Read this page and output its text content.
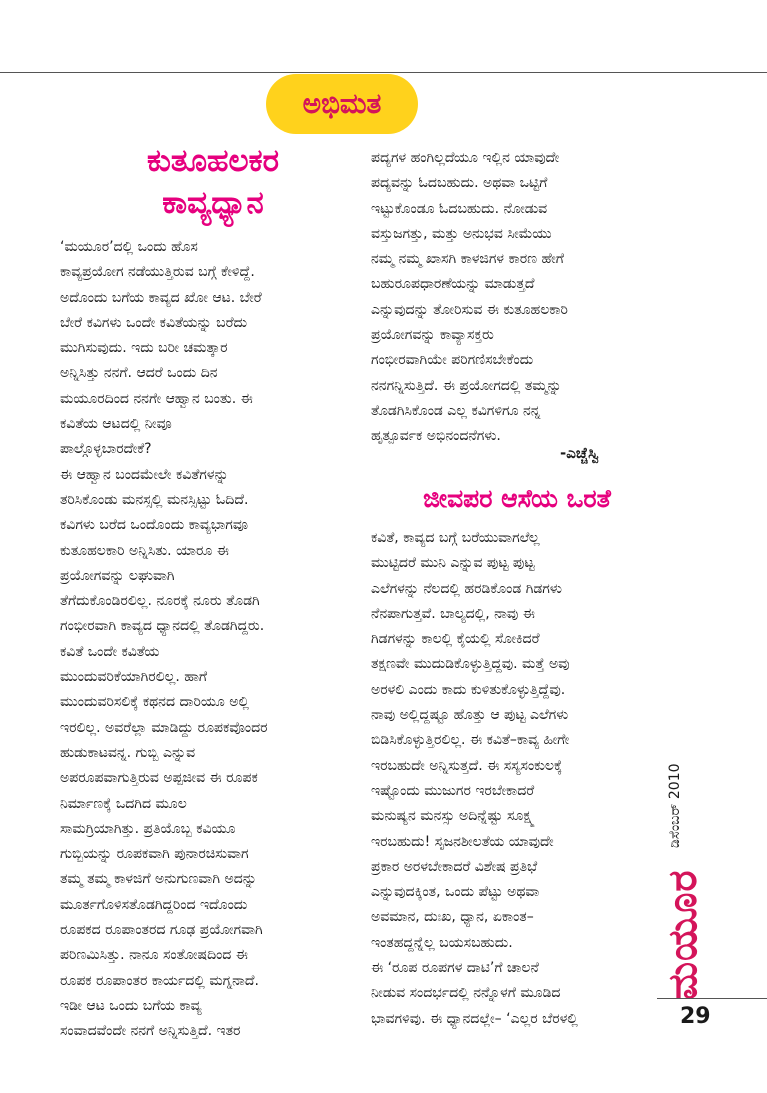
ಅಭಿಮತ
ಕುತೂಹಲಕರ
ಕಾವ್ಯಧ್ಯಾನ
‘ಮಯೂರ’ದಲ್ಲಿ ಒಂದು ಹೊಸ
ಕಾವ್ಯಪ್ರಯೋಗ ನಡೆಯುತ್ತಿರುವ ಬಗ್ಗೆ ಕೇಳಿದ್ದೆ.
ಅದೊಂದು ಬಗೆಯ ಕಾವ್ಯದ ಖೋ ಆಟ. ಬೇರೆ
ಬೇರೆ ಕವಿಗಳು ಒಂದೇ ಕವಿತೆಯನ್ನು ಬರೆದು
ಮುಗಿಸುವುದು. ಇದು ಬರೀ ಚಮತ್ಕಾರ
ಅನ್ನಿಸಿತ್ತು ನನಗೆ. ಆದರೆ ಒಂದು ದಿನ
ಮಯೂರದಿಂದ ನನಗೇ ಆಹ್ವಾನ ಬಂತು. ಈ
ಕವಿತೆಯ ಆಟದಲ್ಲಿ ನೀವೂ
ಪಾಲ್ಗೊಳ್ಳಬಾರದೇಕೆ?
ಈ ಆಹ್ವಾನ ಬಂದಮೇಲೇ ಕವಿತೆಗಳನ್ನು
ತರಿಸಿಕೊಂಡು ಮನಸ್ಸಲ್ಲಿ ಮನಸ್ಸಿಟ್ಟು ಓದಿದೆ.
ಕವಿಗಳು ಬರೆದ ಒಂದೊಂದು ಕಾವ್ಯಭಾಗವೂ
ಕುತೂಹಲಕಾರಿ ಅನ್ನಿಸಿತು. ಯಾರೂ ಈ
ಪ್ರಯೋಗವನ್ನು ಲಘುವಾಗಿ
ತೆಗೆದುಕೊಂಡಿರಲಿಲ್ಲ. ನೂರಕ್ಕೆ ನೂರು ತೊಡಗಿ
ಗಂಭೀರವಾಗಿ ಕಾವ್ಯದ ಧ್ಯಾನದಲ್ಲಿ ತೊಡಗಿದ್ದರು.
ಕವಿತೆ ಒಂದೇ ಕವಿತೆಯ
ಮುಂದುವರಿಕೆಯಾಗಿರಲಿಲ್ಲ. ಹಾಗೆ
ಮುಂದುವರಿಸಲಿಕ್ಕೆ ಕಥನದ ದಾರಿಯೂ ಅಲ್ಲಿ
ಇರಲಿಲ್ಲ. ಅವರೆಲ್ಲಾ ಮಾಡಿದ್ದು ರೂಪಕವೊಂದರ
ಹುಡುಕಾಟವನ್ನ. ಗುಬ್ಬಿ ಎನ್ನುವ
ಅಪರೂಪವಾಗುತ್ತಿರುವ ಅಪ್ಪಜೀವ ಈ ರೂಪಕ
ನಿರ್ಮಾಣಕ್ಕೆ ಒದಗಿದ ಮೂಲ
ಸಾಮಗ್ರಿಯಾಗಿತ್ತು. ಪ್ರತಿಯೊಬ್ಬ ಕವಿಯೂ
ಗುಬ್ಬಿಯನ್ನು ರೂಪಕವಾಗಿ ಪುನಾರಚಿಸುವಾಗ
ತಮ್ಮ ತಮ್ಮ ಕಾಳಜಿಗೆ ಅನುಗುಣವಾಗಿ ಅದನ್ನು
ಮೂರ್ತಗೊಳಿಸತೊಡಗಿದ್ದರಿಂದ ಇದೊಂದು
ರೂಪಕದ ರೂಪಾಂತರದ ಗೂಢ ಪ್ರಯೋಗವಾಗಿ
ಪರಿಣಮಿಸಿತ್ತು. ನಾನೂ ಸಂತೋಷದಿಂದ ಈ
ರೂಪಕ ರೂಪಾಂತರ ಕಾರ್ಯದಲ್ಲಿ ಮಗ್ನನಾದೆ.
ಇಡೀ ಆಟ ಒಂದು ಬಗೆಯ ಕಾವ್ಯ
ಸಂವಾದವೆಂದೇ ನನಗೆ ಅನ್ನಿಸುತ್ತಿದೆ. ಇತರ
ಪದ್ಯಗಳ ಹಂಗಿಲ್ಲದೆಯೂ ಇಲ್ಲಿನ ಯಾವುದೇ
ಪದ್ಯವನ್ನು ಓದಬಹುದು. ಅಥವಾ ಒಟ್ಟಿಗೆ
ಇಟ್ಟುಕೊಂಡೂ ಓದಬಹುದು. ನೋಡುವ
ವಸ್ತುಜಗತ್ತು, ಮತ್ತು ಅನುಭವ ಸೀಮೆಯು
ನಮ್ಮ ನಮ್ಮ ಖಾಸಗಿ ಕಾಳಜಿಗಳ ಕಾರಣ ಹೇಗೆ
ಬಹುರೂಪಧಾರಣೆಯನ್ನು ಮಾಡುತ್ತದೆ
ಎನ್ನುವುದನ್ನು ತೋರಿಸುವ ಈ ಕುತೂಹಲಕಾರಿ
ಪ್ರಯೋಗವನ್ನು ಕಾವ್ಯಾಸಕ್ತರು
ಗಂಭೀರವಾಗಿಯೇ ಪರಿಗಣಿಸಬೇಕೆಂದು
ನನಗನ್ನಿಸುತ್ತಿದೆ. ಈ ಪ್ರಯೋಗದಲ್ಲಿ ತಮ್ಮನ್ನು
ತೊಡಗಿಸಿಕೊಂಡ ಎಲ್ಲ ಕವಿಗಳಿಗೂ ನನ್ನ
ಹೃತ್ಪೂರ್ವಕ ಅಭಿನಂದನೆಗಳು.
-ಎಚ್ಚೆಸ್ವಿ
ಜೀವಪರ ಆಸೆಯ ಒರತೆ
ಕವಿತೆ, ಕಾವ್ಯದ ಬಗ್ಗೆ ಬರೆಯುವಾಗಲೆಲ್ಲ
ಮುಟ್ಟಿದರೆ ಮುನಿ ಎನ್ನುವ ಪುಟ್ಟ ಪುಟ್ಟ
ಎಲೆಗಳನ್ನು ನೆಲದಲ್ಲಿ ಹರಡಿಕೊಂಡ ಗಿಡಗಳು
ನೆನಪಾಗುತ್ತವೆ. ಬಾಲ್ಯದಲ್ಲಿ, ನಾವು ಈ
ಗಿಡಗಳನ್ನು ಕಾಲಲ್ಲಿ ಕೈಯಲ್ಲಿ ಸೋಕಿದರೆ
ತಕ್ಷಣವೇ ಮುದುಡಿಕೊಳ್ಳುತ್ತಿದ್ದವು. ಮತ್ತೆ ಅವು
ಅರಳಲಿ ಎಂದು ಕಾದು ಕುಳಿತುಕೊಳ್ಳುತ್ತಿದ್ದೆವು.
ನಾವು ಅಲ್ಲಿದ್ದಷ್ಟೂ ಹೊತ್ತು ಆ ಪುಟ್ಟ ಎಲೆಗಳು
ಬಿಡಿಸಿಕೊಳ್ಳುತ್ತಿರಲಿಲ್ಲ. ಈ ಕವಿತೆ–ಕಾವ್ಯ ಹೀಗೇ
ಇರಬಹುದೇ ಅನ್ನಿಸುತ್ತದೆ. ಈ ಸಸ್ಯಸಂಕುಲಕ್ಕೆ
ಇಷ್ಟೊಂದು ಮುಜುಗರ ಇರಬೇಕಾದರೆ
ಮನುಷ್ಯನ ಮನಸ್ಸು ಅದಿನ್ನೆಷ್ಟು ಸೂಕ್ಷ್ಮ
ಇರಬಹುದು! ಸೃಜನಶೀಲತೆಯ ಯಾವುದೇ
ಪ್ರಕಾರ ಅರಳಬೇಕಾದರೆ ವಿಶೇಷ ಪ್ರತಿಭೆ
ಎನ್ನುವುದಕ್ಕಿಂತ, ಒಂದು ಪೆಟ್ಟು ಅಥವಾ
ಅವಮಾನ, ದುಃಖ, ಧ್ಯಾನ, ಏಕಾಂತ–
ಇಂತಹದ್ದನ್ನೆಲ್ಲ ಬಯಸಬಹುದು.
ಈ ‘ರೂಪ ರೂಪಗಳ ದಾಟಿ’ಗೆ ಚಾಲನೆ
ನೀಡುವ ಸಂದರ್ಭದಲ್ಲಿ ನನ್ನೊಳಗೆ ಮೂಡಿದ
ಭಾವಗಳಿವು. ಈ ಧ್ಯಾನದಲ್ಲೇ– ‘ಎಲ್ಲರ ಬೆರಳಲ್ಲಿ
ಡಿಸೆಂಬರ್ 2010
ಮಯೂರ
29
